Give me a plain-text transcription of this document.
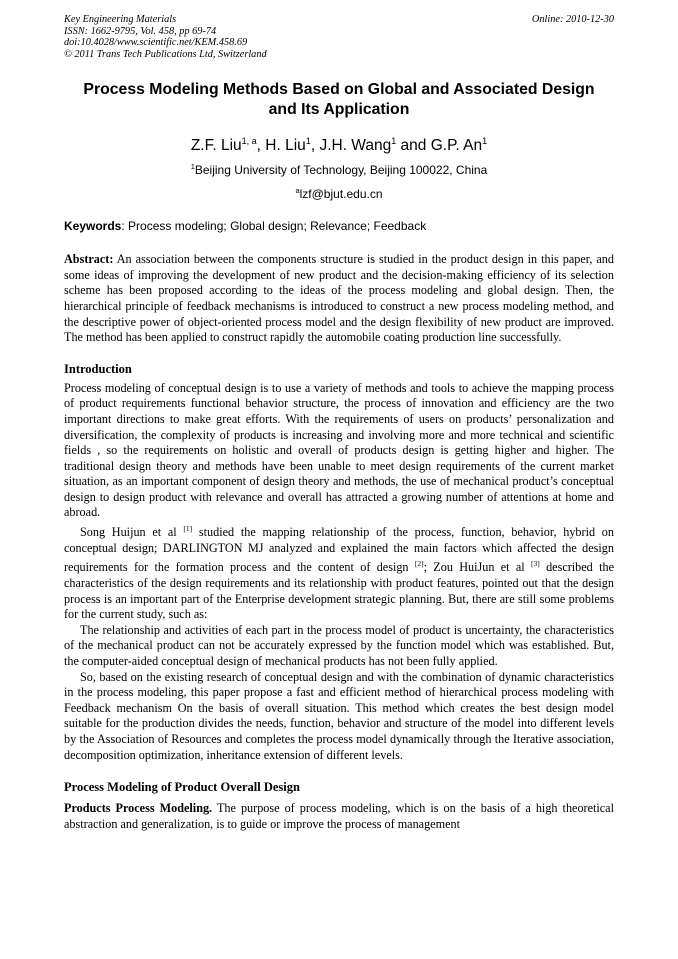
Key Engineering Materials
ISSN: 1662-9795, Vol. 458, pp 69-74
doi:10.4028/www.scientific.net/KEM.458.69
© 2011 Trans Tech Publications Ltd, Switzerland
Online: 2010-12-30
Process Modeling Methods Based on Global and Associated Design
and Its Application
Z.F. Liu$^{1, a}$, H. Liu$^1$, J.H. Wang$^1$ and G.P. An$^1$
$^1$Beijing University of Technology, Beijing 100022, China
$^a$lzf@bjut.edu.cn
Keywords: Process modeling; Global design; Relevance; Feedback

Abstract: An association between the components structure is studied in the product design in this paper, and some ideas of improving the development of new product and the decision-making efficiency of its selection scheme has been proposed according to the ideas of the process modeling and global design. Then, the hierarchical principle of feedback mechanisms is introduced to construct a new process modeling method, and the descriptive power of object-oriented process model and the design flexibility of new product are improved. The method has been applied to construct rapidly the automobile coating production line successfully.

Introduction

Process modeling of conceptual design is to use a variety of methods and tools to achieve the mapping process of product requirements functional behavior structure, the process of innovation and efficiency are the two important directions to make great efforts. With the requirements of users on products’ personalization and diversification, the complexity of products is increasing and involving more and more technical and scientific fields , so the requirements on holistic and overall of products design is getting higher and higher. The traditional design theory and methods have been unable to meet design requirements of the current market situation, as an important component of design theory and methods, the use of mechanical product’s conceptual design to design product with relevance and overall has attracted a growing number of attentions at home and abroad.

Song Huijun et al [1] studied the mapping relationship of the process, function, behavior, hybrid on conceptual design; DARLINGTON MJ analyzed and explained the main factors which affected the design requirements for the formation process and the content of design [2]; Zou HuiJun et al [3] described the characteristics of the design requirements and its relationship with product features, pointed out that the design process is an important part of the Enterprise development strategic planning. But, there are still some problems for the current study, such as:

The relationship and activities of each part in the process model of product is uncertainty, the characteristics of the mechanical product can not be accurately expressed by the function model which was established. But, the computer-aided conceptual design of mechanical products has not been fully applied.

So, based on the existing research of conceptual design and with the combination of dynamic characteristics in the process modeling, this paper propose a fast and efficient method of hierarchical process modeling with Feedback mechanism On the basis of overall situation. This method which creates the best design model suitable for the production divides the needs, function, behavior and structure of the model into different levels by the Association of Resources and completes the process model dynamically through the Iterative association, decomposition optimization, inheritance extension of different levels.

Process Modeling of Product Overall Design

Products Process Modeling. The purpose of process modeling, which is on the basis of a high theoretical abstraction and generalization, is to guide or improve the process of management
